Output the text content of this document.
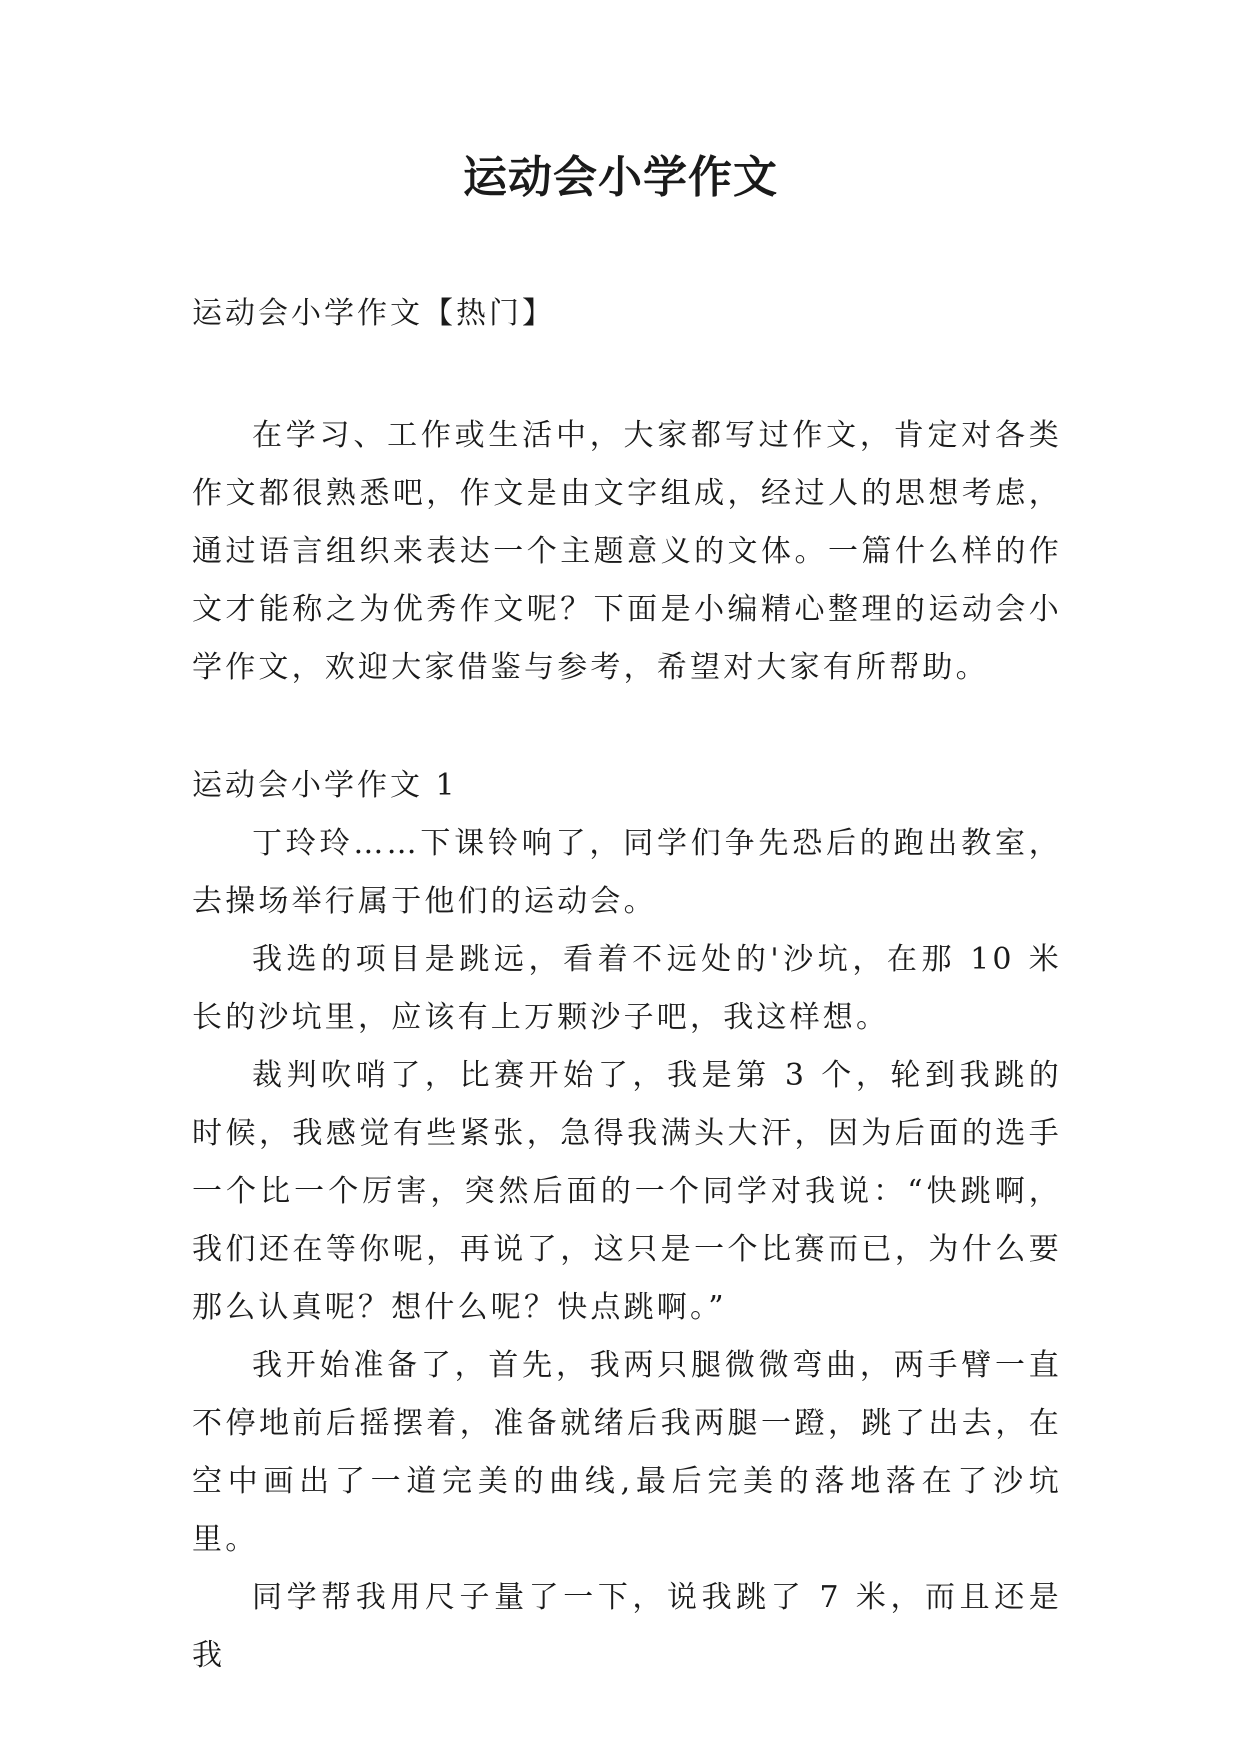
运动会小学作文
运动会小学作文【热门】

在学习、工作或生活中，大家都写过作文，肯定对各类作文都很熟悉吧，作文是由文字组成，经过人的思想考虑，通过语言组织来表达一个主题意义的文体。一篇什么样的作文才能称之为优秀作文呢？下面是小编精心整理的运动会小学作文，欢迎大家借鉴与参考，希望对大家有所帮助。

运动会小学作文 1

丁玲玲……下课铃响了，同学们争先恐后的跑出教室，去操场举行属于他们的运动会。

我选的项目是跳远，看着不远处的'沙坑，在那 10 米长的沙坑里，应该有上万颗沙子吧，我这样想。

裁判吹哨了，比赛开始了，我是第 3 个，轮到我跳的时候，我感觉有些紧张，急得我满头大汗，因为后面的选手一个比一个厉害，突然后面的一个同学对我说：“快跳啊，我们还在等你呢，再说了，这只是一个比赛而已，为什么要那么认真呢？想什么呢？快点跳啊。”

我开始准备了，首先，我两只腿微微弯曲，两手臂一直不停地前后摇摆着，准备就绪后我两腿一蹬，跳了出去，在空中画出了一道完美的曲线,最后完美的落地落在了沙坑里。

同学帮我用尺子量了一下，说我跳了 7 米，而且还是我
